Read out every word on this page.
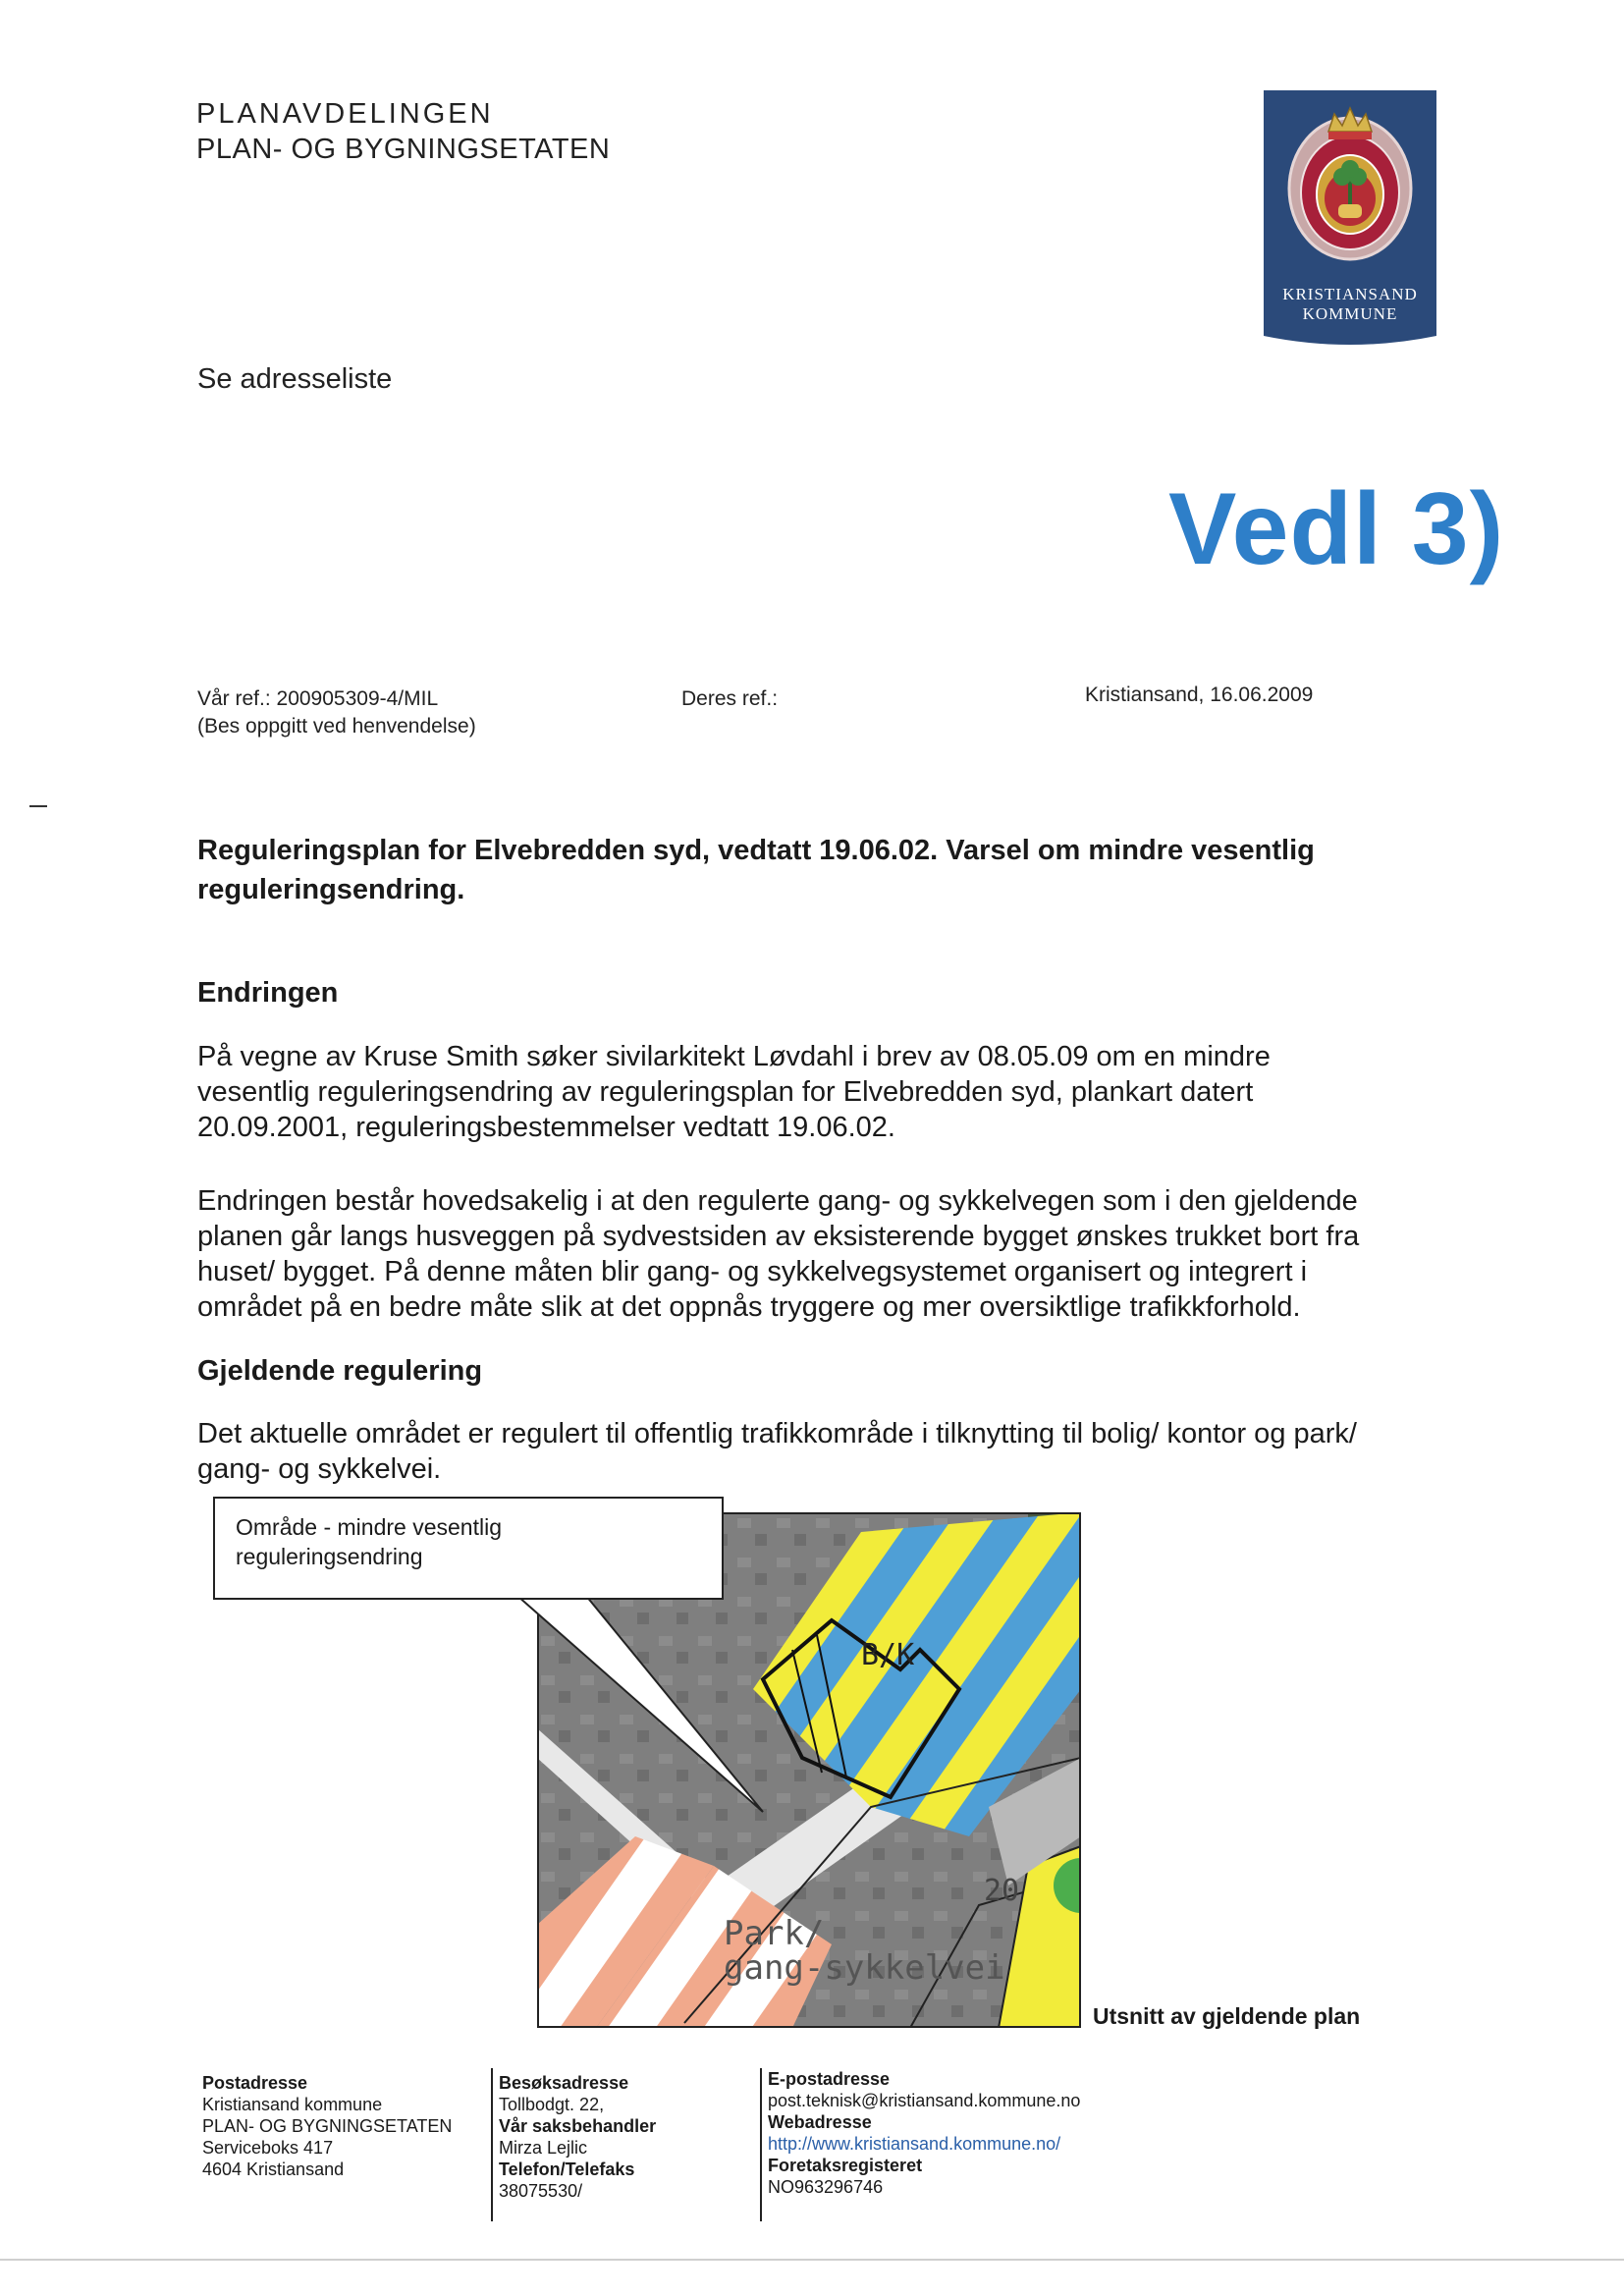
PLANAVDELINGEN
PLAN- OG BYGNINGSETATEN
KRISTIANSAND
KOMMUNE
Se adresseliste
Vedl 3)
Vår ref.: 200905309-4/MIL
(Bes oppgitt ved henvendelse)
Deres ref.:	Kristiansand, 16.06.2009
Reguleringsplan for Elvebredden syd, vedtatt 19.06.02. Varsel om mindre vesentlig reguleringsendring.
Endringen
På vegne av Kruse Smith søker sivilarkitekt Løvdahl i brev av 08.05.09 om en mindre
vesentlig reguleringsendring av reguleringsplan for Elvebredden syd, plankart datert
20.09.2001, reguleringsbestemmelser vedtatt 19.06.02.
Endringen består hovedsakelig i at den regulerte gang- og sykkelvegen som i den gjeldende
planen går langs husveggen på sydvestsiden av eksisterende bygget ønskes trukket bort fra
huset/ bygget. På denne måten blir gang- og sykkelvegsystemet organisert og integrert i
området på en bedre måte slik at det oppnås tryggere og mer oversiktlige trafikkforhold.
Gjeldende regulering
Det aktuelle området er regulert til offentlig trafikkområde i tilknytting til bolig/ kontor og park/
gang- og sykkelvei.
B/K
Park/
gang-sykkelvei
20
Område - mindre vesentlig
reguleringsendring
Utsnitt av gjeldende plan
Postadresse
Kristiansand kommune
PLAN- OG BYGNINGSETATEN
Serviceboks 417
4604 Kristiansand
Besøksadresse
Tollbodgt. 22,
Vår saksbehandler
Mirza Lejlic
Telefon/Telefaks
38075530/
E-postadresse
post.teknisk@kristiansand.kommune.no
Webadresse
http://www.kristiansand.kommune.no/
Foretaksregisteret
NO963296746
